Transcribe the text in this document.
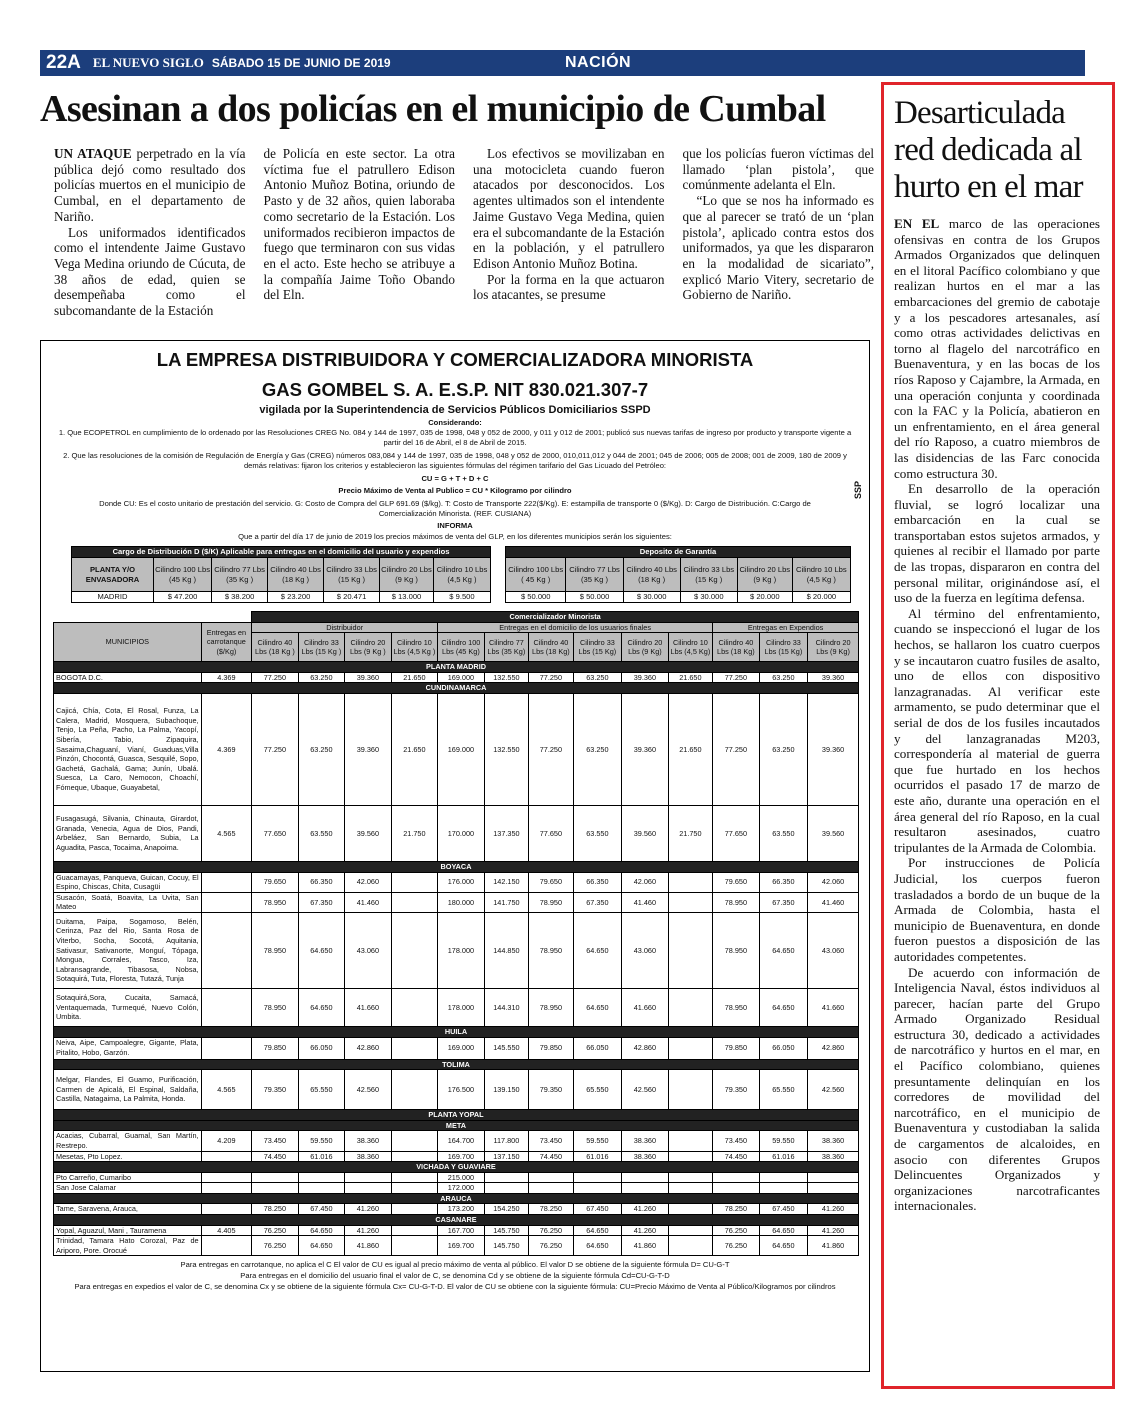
22A EL NUEVO SIGLO SÁBADO 15 DE JUNIO DE 2019	NACIÓN
Asesinan a dos policías en el municipio de Cumbal

UN ATAQUE perpetrado en la vía pública dejó como resultado dos policías muertos en el municipio de Cumbal, en el departamento de Nariño.

Los uniformados identificados como el intendente Jaime Gustavo Vega Medina oriundo de Cúcuta, de 38 años de edad, quien se desempeñaba como el subcomandante de la Estación

de Policía en este sector. La otra víctima fue el patrullero Edison Antonio Muñoz Botina, oriundo de Pasto y de 32 años, quien laboraba como secretario de la Estación. Los uniformados recibieron impactos de fuego que terminaron con sus vidas en el acto. Este hecho se atribuye a la compañía Jaime Toño Obando del Eln.

Los efectivos se movilizaban en una motocicleta cuando fueron atacados por desconocidos. Los agentes ultimados son el intendente Jaime Gustavo Vega Medina, quien era el subcomandante de la Estación en la población, y el patrullero Edison Antonio Muñoz Botina.

Por la forma en la que actuaron los atacantes, se presume

que los policías fueron víctimas del llamado ‘plan pistola’, que comúnmente adelanta el Eln.

“Lo que se nos ha informado es que al parecer se trató de un ‘plan pistola’, aplicado contra estos dos uniformados, ya que les dispararon en la modalidad de sicariato”, explicó Mario Vitery, secretario de Gobierno de Nariño.

LA EMPRESA DISTRIBUIDORA Y COMERCIALIZADORA MINORISTA
GAS GOMBEL S. A. E.S.P. NIT 830.021.307-7
vigilada por la Superintendencia de Servicios Públicos Domiciliarios SSPD
Considerando:
1. Que ECOPETROL en cumplimiento de lo ordenado por las Resoluciones CREG No. 084 y 144 de 1997, 035 de 1998, 048 y 052 de 2000, y 011 y 012 de 2001; publicó sus nuevas tarifas de ingreso por producto y transporte vigente a partir del 16 de Abril, el 8 de Abril de 2015.
2. Que las resoluciones de la comisión de Regulación de Energía y Gas (CREG) números 083,084 y 144 de 1997, 035 de 1998, 048 y 052 de 2000, 010,011,012 y 044 de 2001; 045 de 2006; 005 de 2008; 001 de 2009, 180 de 2009 y demás relativas: fijaron los criterios y establecieron las siguientes fórmulas del régimen tarifario del Gas Licuado del Petróleo:
CU = G + T + D + C
Precio Máximo de Venta al Publico = CU * Kilogramo por cilindro
Donde CU: Es el costo unitario de prestación del servicio. G: Costo de Compra del GLP 691.69 ($/kg). T: Costo de Transporte 222($/Kg). E: estampilla de transporte 0 ($/Kg). D: Cargo de Distribución. C:Cargo de Comercialización Minorista. (REF. CUSIANA)
INFORMA
Que a partir del día 17 de junio de 2019 los precios máximos de venta del GLP, en los diferentes municipios serán los siguientes:
SSP
Cargo de Distribución D ($/K) Aplicable para entregas en el domicilio del usuario y expendios						
PLANTA Y/O ENVASADORA	Cilindro 100 Lbs (45 Kg )	Cilindro 77 Lbs (35 Kg )	Cilindro 40 Lbs (18 Kg )	Cilindro 33 Lbs (15 Kg )	Cilindro 20 Lbs (9 Kg )	Cilindro 10 Lbs (4,5 Kg )
MADRID	$ 47.200	$ 38.200	$ 23.200	$ 20.471	$ 13.000	$ 9.500
Deposito de Garantía					
Cilindro 100 Lbs ( 45 Kg )	Cilindro 77 Lbs (35 Kg )	Cilindro 40 Lbs (18 Kg )	Cilindro 33 Lbs (15 Kg )	Cilindro 20 Lbs (9 Kg )	Cilindro 10 Lbs (4,5 Kg )
$ 50.000	$ 50.000	$ 30.000	$ 30.000	$ 20.000	$ 20.000
		Comercializador Minorista												
MUNICIPIOS	Entregas en carrotanque ($/Kg)	Distribuidor				Entregas en el domicilio de los usuarios finales						Entregas en Expendios		
		Cilindro 40 Lbs (18 Kg )	Cilindro 33 Lbs (15 Kg )	Cilindro 20 Lbs (9 Kg )	Cilindro 10 Lbs (4,5 Kg )	Cilindro 100 Lbs (45 Kg)	Cilindro 77 Lbs (35 Kg)	Cilindro 40 Lbs (18 Kg)	Cilindro 33 Lbs (15 Kg)	Cilindro 20 Lbs (9 Kg)	Cilindro 10 Lbs (4,5 Kg)	Cilindro 40 Lbs (18 Kg)	Cilindro 33 Lbs (15 Kg)	Cilindro 20 Lbs (9 Kg)
PLANTA MADRID														
BOGOTA D.C.	4.369	77.250	63.250	39.360	21.650	169.000	132.550	77.250	63.250	39.360	21.650	77.250	63.250	39.360
CUNDINAMARCA														
Cajicá, Chía, Cota, El Rosal, Funza, La Calera, Madrid, Mosquera, Subachoque, Tenjo, La Peña, Pacho, La Palma, Yacopí, Sibería, Tabio, Zipaquira, Sasaima,Chaguaní, Vianí, Guaduas,Villa Pinzón, Chocontá, Guasca, Sesquilé, Sopo, Gachetá, Gachalá, Gama; Junín, Ubalá. Suesca, La Caro, Nemocon, Choachí, Fómeque, Ubaque, Guayabetal,	4.369	77.250	63.250	39.360	21.650	169.000	132.550	77.250	63.250	39.360	21.650	77.250	63.250	39.360
Fusagasugá, Silvania, Chinauta, Girardot, Granada, Venecia, Agua de Dios, Pandi, Arbeláez, San Bernardo, Subia, La Aguadita, Pasca, Tocaima, Anapoima.	4.565	77.650	63.550	39.560	21.750	170.000	137.350	77.650	63.550	39.560	21.750	77.650	63.550	39.560
BOYACA														
Guacamayas, Panqueva, Guican, Cocuy, El Espino, Chiscas, Chita, Cusagüi		79.650	66.350	42.060		176.000	142.150	79.650	66.350	42.060		79.650	66.350	42.060
Susacón, Soatá, Boavita, La Uvita, San Mateo		78.950	67.350	41.460		180.000	141.750	78.950	67.350	41.460		78.950	67.350	41.460
Duitama, Paipa, Sogamoso, Belén, Cerinza, Paz del Rio, Santa Rosa de Viterbo, Socha, Socotá, Aquitania, Sativasur, Sativanorte, Monguí, Tópaga, Mongua, Corrales, Tasco, Iza, Labransagrande, Tibasosa, Nobsa, Sotaquirá, Tuta, Floresta, Tutazá, Tunja		78.950	64.650	43.060		178.000	144.850	78.950	64.650	43.060		78.950	64.650	43.060
Sotaquirá,Sora, Cucaita, Samacá, Ventaquemada, Turmequé, Nuevo Colón, Umbita.		78.950	64.650	41.660		178.000	144.310	78.950	64.650	41.660		78.950	64.650	41.660
HUILA														
Neiva, Aipe, Campoalegre, Gigante, Plata, Pitalito, Hobo, Garzón.		79.850	66.050	42.860		169.000	145.550	79.850	66.050	42.860		79.850	66.050	42.860
TOLIMA														
Melgar, Flandes, El Guamo, Purificación, Carmen de Apicalá, El Espinal, Saldaña, Castilla, Natagaima, La Palmita, Honda.	4.565	79.350	65.550	42.560		176.500	139.150	79.350	65.550	42.560		79.350	65.550	42.560
PLANTA YOPAL														
META														
Acacias, Cubarral, Guamal, San Martín, Restrepo.	4.209	73.450	59.550	38.360		164.700	117.800	73.450	59.550	38.360		73.450	59.550	38.360
Mesetas, Pto Lopez.		74.450	61.016	38.360		169.700	137.150	74.450	61.016	38.360		74.450	61.016	38.360
VICHADA Y GUAVIARE														
Pto Carreño, Cumaribo						215.000								
San Jose Calamar						172.000								
ARAUCA														
Tame, Saravena, Arauca,		78.250	67.450	41.260		173.200	154.250	78.250	67.450	41.260		78.250	67.450	41.260
CASANARE														
Yopal, Aguazul, Mani , Tauramena	4.405	76.250	64.650	41.260		167.700	145.750	76.250	64.650	41.260		76.250	64.650	41.260
Trinidad, Tamara Hato Corozal, Paz de Ariporo, Pore. Orocué		76.250	64.650	41.860		169.700	145.750	76.250	64.650	41.860		76.250	64.650	41.860
Para entregas en carrotanque, no aplica el C El valor de CU es igual al precio máximo de venta al público. El valor D se obtiene de la siguiente fórmula D= CU-G-T
Para entregas en el domicilio del usuario final el valor de C, se denomina Cd y se obtiene de la siguiente fórmula Cd=CU-G-T-D
Para entregas en expedios el valor de C, se denomina Cx y se obtiene de la siguiente fórmula Cx= CU-G-T-D. El valor de CU se obtiene con la siguiente fórmula: CU=Precio Máximo de Venta al Público/Kilogramos por cilindros
Desarticulada red dedicada al hurto en el mar

EN EL marco de las operaciones ofensivas en contra de los Grupos Armados Organizados que delinquen en el litoral Pacífico colombiano y que realizan hurtos en el mar a las embarcaciones del gremio de cabotaje y a los pescadores artesanales, así como otras actividades delictivas en torno al flagelo del narcotráfico en Buenaventura, y en las bocas de los ríos Raposo y Cajambre, la Armada, en una operación conjunta y coordinada con la FAC y la Policía, abatieron en un enfrentamiento, en el área general del río Raposo, a cuatro miembros de las disidencias de las Farc conocida como estructura 30.

En desarrollo de la operación fluvial, se logró localizar una embarcación en la cual se transportaban estos sujetos armados, y quienes al recibir el llamado por parte de las tropas, dispararon en contra del personal militar, originándose así, el uso de la fuerza en legítima defensa.

Al término del enfrentamiento, cuando se inspeccionó el lugar de los hechos, se hallaron los cuatro cuerpos y se incautaron cuatro fusiles de asalto, uno de ellos con dispositivo lanzagranadas. Al verificar este armamento, se pudo determinar que el serial de dos de los fusiles incautados y del lanzagranadas M203, correspondería al material de guerra que fue hurtado en los hechos ocurridos el pasado 17 de marzo de este año, durante una operación en el área general del río Raposo, en la cual resultaron asesinados, cuatro tripulantes de la Armada de Colombia.

Por instrucciones de Policía Judicial, los cuerpos fueron trasladados a bordo de un buque de la Armada de Colombia, hasta el municipio de Buenaventura, en donde fueron puestos a disposición de las autoridades competentes.

De acuerdo con información de Inteligencia Naval, éstos individuos al parecer, hacían parte del Grupo Armado Organizado Residual estructura 30, dedicado a actividades de narcotráfico y hurtos en el mar, en el Pacífico colombiano, quienes presuntamente delinquían en los corredores de movilidad del narcotráfico, en el municipio de Buenaventura y custodiaban la salida de cargamentos de alcaloides, en asocio con diferentes Grupos Delincuentes Organizados y organizaciones narcotraficantes internacionales.
